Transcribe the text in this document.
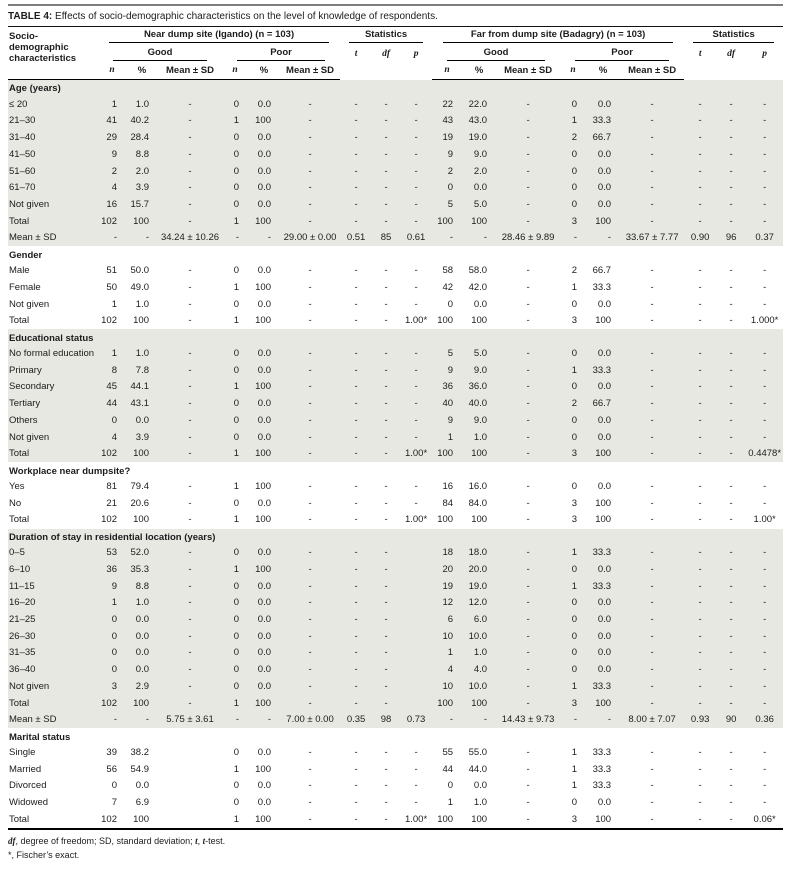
TABLE 4: Effects of socio-demographic characteristics on the level of knowledge of respondents.
Socio-demographic characteristics	Near dump site (Igando) (n = 103)						Statistics			Far from dump site (Badagry) (n = 103)						Statistics		

	Good			Poor			t	df	p	Good			Poor			t	df	p
	n	%	Mean ± SD	n	%	Mean ± SD				n	%	Mean ± SD	n	%	Mean ± SD			
Age (years)																		
≤ 20	1	1.0	-	0	0.0	-	-	-	-	22	22.0	-	0	0.0	-	-	-	-
21–30	41	40.2	-	1	100	-	-	-	-	43	43.0	-	1	33.3	-	-	-	-
31–40	29	28.4	-	0	0.0	-	-	-	-	19	19.0	-	2	66.7	-	-	-	-
41–50	9	8.8	-	0	0.0	-	-	-	-	9	9.0	-	0	0.0	-	-	-	-
51–60	2	2.0	-	0	0.0	-	-	-	-	2	2.0	-	0	0.0	-	-	-	-
61–70	4	3.9	-	0	0.0	-	-	-	-	0	0.0	-	0	0.0	-	-	-	-
Not given	16	15.7	-	0	0.0	-	-	-	-	5	5.0	-	0	0.0	-	-	-	-
Total	102	100	-	1	100	-	-	-	-	100	100	-	3	100	-	-	-	-
Mean ± SD	-	-	34.24 ± 10.26	-	-	29.00 ± 0.00	0.51	85	0.61	-	-	28.46 ± 9.89	-	-	33.67 ± 7.77	0.90	96	0.37
Gender																		
Male	51	50.0	-	0	0.0	-	-	-	-	58	58.0	-	2	66.7	-	-	-	-
Female	50	49.0	-	1	100	-	-	-	-	42	42.0	-	1	33.3	-	-	-	-
Not given	1	1.0	-	0	0.0	-	-	-	-	0	0.0	-	0	0.0	-	-	-	-
Total	102	100	-	1	100	-	-	-	1.00*	100	100	-	3	100	-	-	-	1.000*
Educational status																		
No formal education	1	1.0	-	0	0.0	-	-	-	-	5	5.0	-	0	0.0	-	-	-	-
Primary	8	7.8	-	0	0.0	-	-	-	-	9	9.0	-	1	33.3	-	-	-	-
Secondary	45	44.1	-	1	100	-	-	-	-	36	36.0	-	0	0.0	-	-	-	-
Tertiary	44	43.1	-	0	0.0	-	-	-	-	40	40.0	-	2	66.7	-	-	-	-
Others	0	0.0	-	0	0.0	-	-	-	-	9	9.0	-	0	0.0	-	-	-	-
Not given	4	3.9	-	0	0.0	-	-	-	-	1	1.0	-	0	0.0	-	-	-	-
Total	102	100	-	1	100	-	-	-	1.00*	100	100	-	3	100	-	-	-	0.4478*
Workplace near dumpsite?																		
Yes	81	79.4	-	1	100	-	-	-	-	16	16.0	-	0	0.0	-	-	-	-
No	21	20.6	-	0	0.0	-	-	-	-	84	84.0	-	3	100	-	-	-	-
Total	102	100	-	1	100	-	-	-	1.00*	100	100	-	3	100	-	-	-	1.00*
Duration of stay in residential location (years)																		
0–5	53	52.0	-	0	0.0	-	-	-		18	18.0	-	1	33.3	-	-	-	-
6–10	36	35.3	-	1	100	-	-	-		20	20.0	-	0	0.0	-	-	-	-
11–15	9	8.8	-	0	0.0	-	-	-		19	19.0	-	1	33.3	-	-	-	-
16–20	1	1.0	-	0	0.0	-	-	-		12	12.0	-	0	0.0	-	-	-	-
21–25	0	0.0	-	0	0.0	-	-	-		6	6.0	-	0	0.0	-	-	-	-
26–30	0	0.0	-	0	0.0	-	-	-		10	10.0	-	0	0.0	-	-	-	-
31–35	0	0.0	-	0	0.0	-	-	-		1	1.0	-	0	0.0	-	-	-	-
36–40	0	0.0	-	0	0.0	-	-	-		4	4.0	-	0	0.0	-	-	-	-
Not given	3	2.9	-	0	0.0	-	-	-		10	10.0	-	1	33.3	-	-	-	-
Total	102	100	-	1	100	-	-	-		100	100	-	3	100	-	-	-	-
Mean ± SD	-	-	5.75 ± 3.61	-	-	7.00 ± 0.00	0.35	98	0.73	-	-	14.43 ± 9.73	-	-	8.00 ± 7.07	0.93	90	0.36
Marital status																		
Single	39	38.2		0	0.0	-	-	-	-	55	55.0	-	1	33.3	-	-	-	-
Married	56	54.9		1	100	-	-	-	-	44	44.0	-	1	33.3	-	-	-	-
Divorced	0	0.0		0	0.0	-	-	-	-	0	0.0	-	1	33.3	-	-	-	-
Widowed	7	6.9		0	0.0	-	-	-	-	1	1.0	-	0	0.0	-	-	-	-
Total	102	100		1	100	-	-	-	1.00*	100	100	-	3	100	-	-	-	0.06*
df, degree of freedom; SD, standard deviation; t, t-test.
*, Fischer’s exact.
